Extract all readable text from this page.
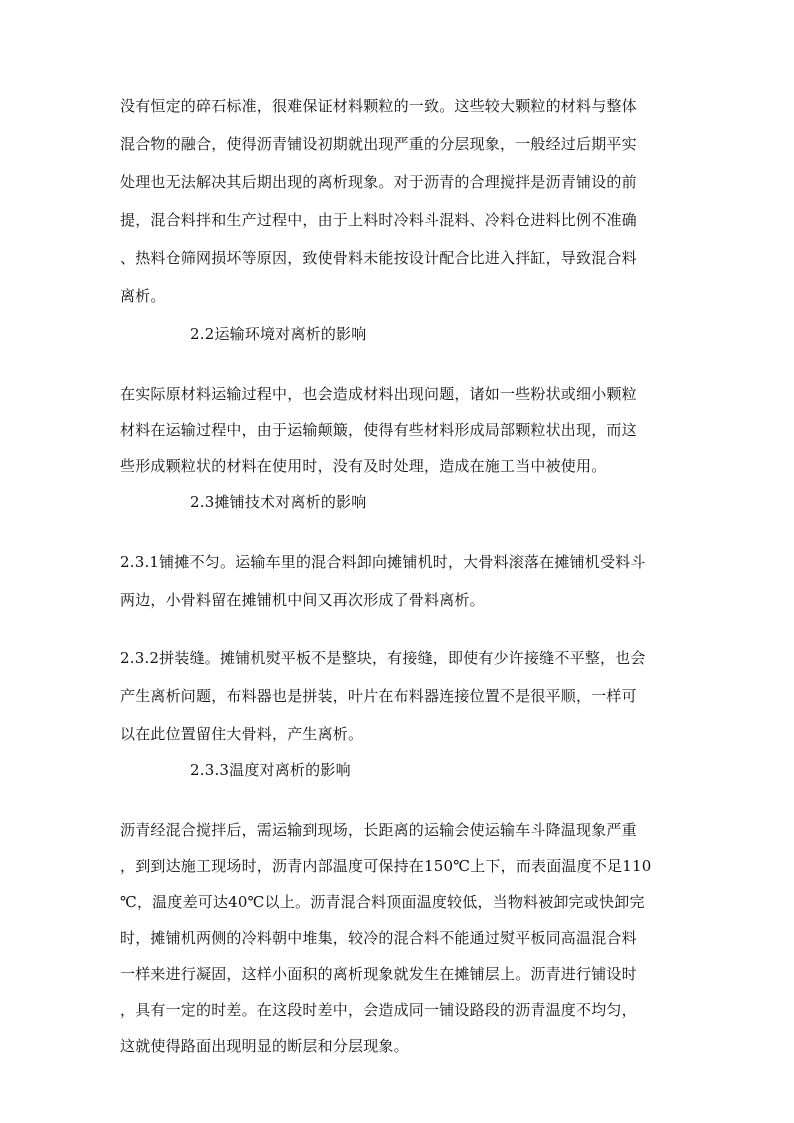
没有恒定的碎石标准，很难保证材料颗粒的一致。这些较大颗粒的材料与整体
混合物的融合，使得沥青铺设初期就出现严重的分层现象，一般经过后期平实
处理也无法解决其后期出现的离析现象。对于沥青的合理搅拌是沥青铺设的前
提，混合料拌和生产过程中，由于上料时冷料斗混料、冷料仓进料比例不准确
、热料仓筛网损坏等原因，致使骨料未能按设计配合比进入拌缸，导致混合料
离析。
2.2运输环境对离析的影响
在实际原材料运输过程中，也会造成材料出现问题，诸如一些粉状或细小颗粒
材料在运输过程中，由于运输颠簸，使得有些材料形成局部颗粒状出现，而这
些形成颗粒状的材料在使用时，没有及时处理，造成在施工当中被使用。
2.3摊铺技术对离析的影响
2.3.1铺摊不匀。运输车里的混合料卸向摊铺机时，大骨料滚落在摊铺机受料斗
两边，小骨料留在摊铺机中间又再次形成了骨料离析。
2.3.2拼装缝。摊铺机熨平板不是整块，有接缝，即使有少许接缝不平整，也会
产生离析问题，布料器也是拼装，叶片在布料器连接位置不是很平顺，一样可
以在此位置留住大骨料，产生离析。
2.3.3温度对离析的影响
沥青经混合搅拌后，需运输到现场，长距离的运输会使运输车斗降温现象严重
，到到达施工现场时，沥青内部温度可保持在150℃上下，而表面温度不足110
℃，温度差可达40℃以上。沥青混合料顶面温度较低，当物料被卸完或快卸完
时，摊铺机两侧的冷料朝中堆集，较冷的混合料不能通过熨平板同高温混合料
一样来进行凝固，这样小面积的离析现象就发生在摊铺层上。沥青进行铺设时
，具有一定的时差。在这段时差中，会造成同一铺设路段的沥青温度不均匀，
这就使得路面出现明显的断层和分层现象。
